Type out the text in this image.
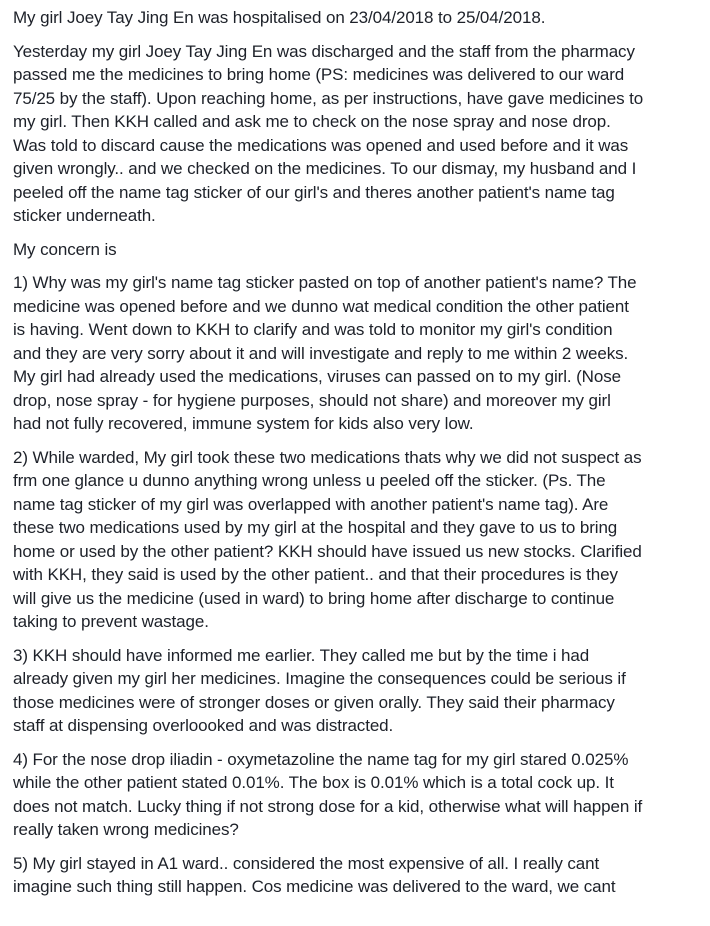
My girl Joey Tay Jing En was hospitalised on 23/04/2018 to 25/04/2018.

Yesterday my girl Joey Tay Jing En was discharged and the staff from the pharmacy
passed me the medicines to bring home (PS: medicines was delivered to our ward
75/25 by the staff). Upon reaching home, as per instructions, have gave medicines to
my girl. Then KKH called and ask me to check on the nose spray and nose drop.
Was told to discard cause the medications was opened and used before and it was
given wrongly.. and we checked on the medicines. To our dismay, my husband and I
peeled off the name tag sticker of our girl's and theres another patient's name tag
sticker underneath.

My concern is

1) Why was my girl's name tag sticker pasted on top of another patient's name? The
medicine was opened before and we dunno wat medical condition the other patient
is having. Went down to KKH to clarify and was told to monitor my girl's condition
and they are very sorry about it and will investigate and reply to me within 2 weeks.
My girl had already used the medications, viruses can passed on to my girl. (Nose
drop, nose spray - for hygiene purposes, should not share) and moreover my girl
had not fully recovered, immune system for kids also very low.

2) While warded, My girl took these two medications thats why we did not suspect as
frm one glance u dunno anything wrong unless u peeled off the sticker. (Ps. The
name tag sticker of my girl was overlapped with another patient's name tag). Are
these two medications used by my girl at the hospital and they gave to us to bring
home or used by the other patient? KKH should have issued us new stocks. Clarified
with KKH, they said is used by the other patient.. and that their procedures is they
will give us the medicine (used in ward) to bring home after discharge to continue
taking to prevent wastage.

3) KKH should have informed me earlier. They called me but by the time i had
already given my girl her medicines. Imagine the consequences could be serious if
those medicines were of stronger doses or given orally. They said their pharmacy
staff at dispensing overloooked and was distracted.

4) For the nose drop iliadin - oxymetazoline the name tag for my girl stared 0.025%
while the other patient stated 0.01%. The box is 0.01% which is a total cock up. It
does not match. Lucky thing if not strong dose for a kid, otherwise what will happen if
really taken wrong medicines?

5) My girl stayed in A1 ward.. considered the most expensive of all. I really cant
imagine such thing still happen. Cos medicine was delivered to the ward, we cant
